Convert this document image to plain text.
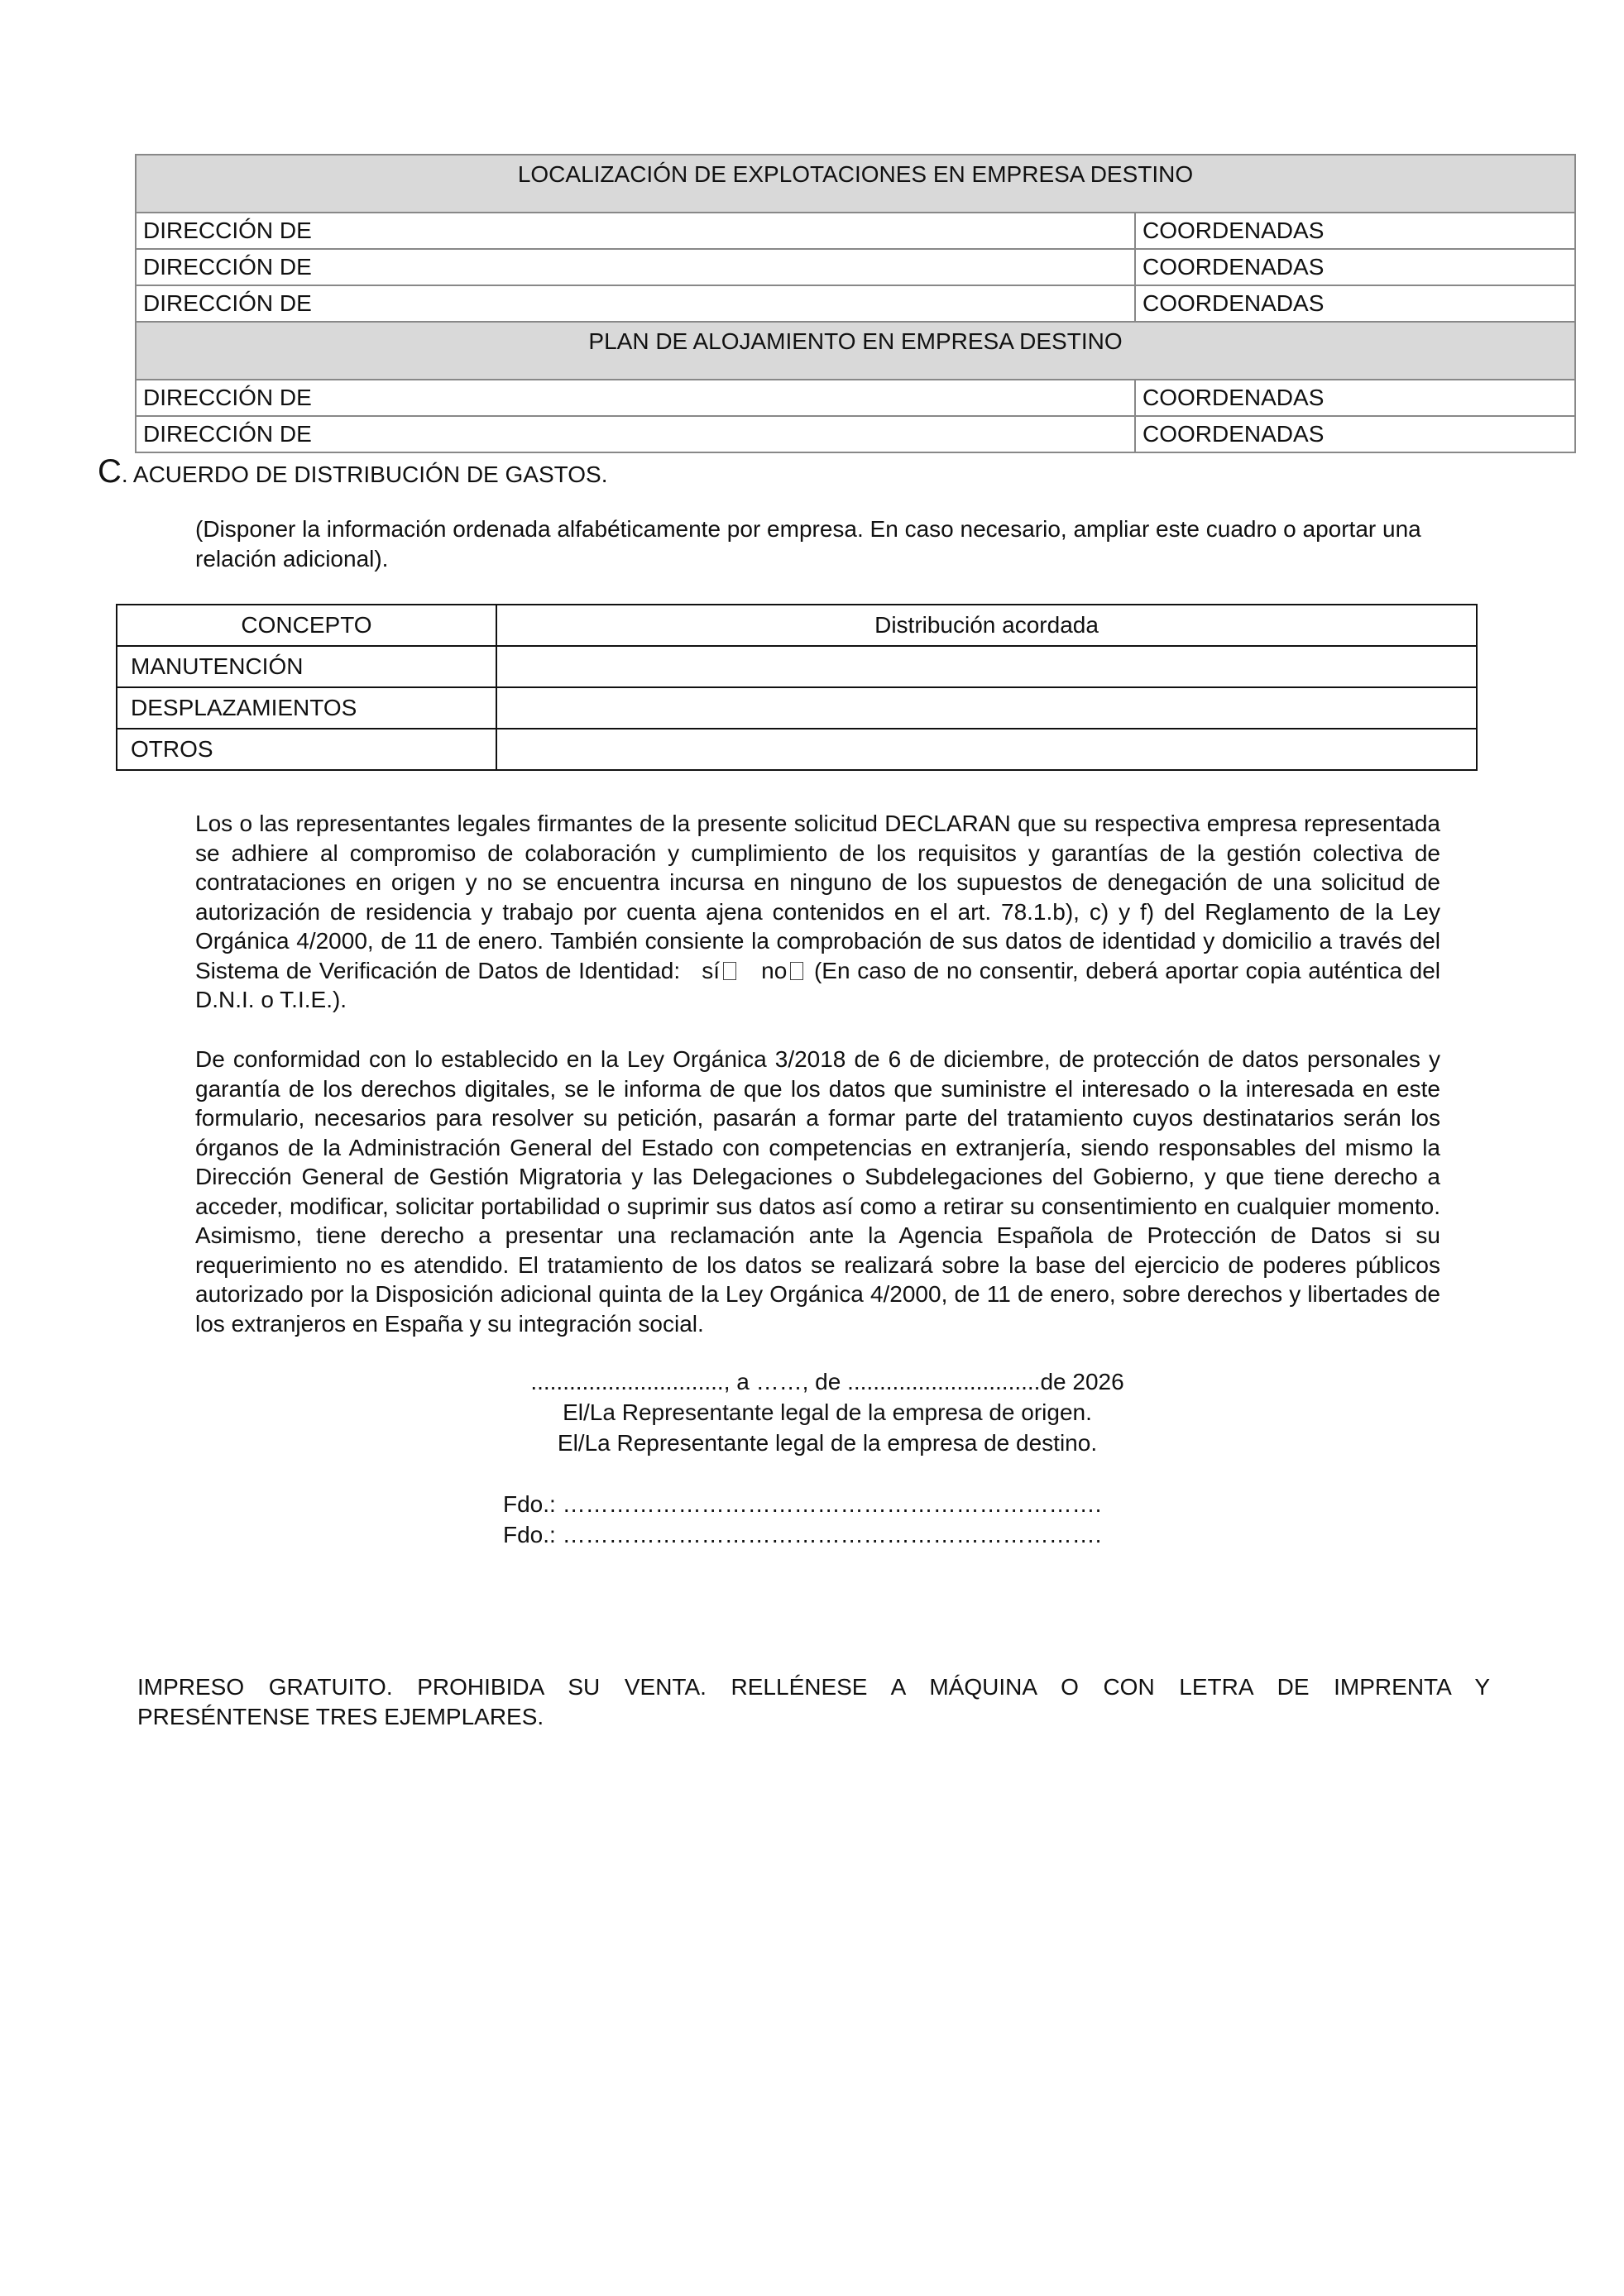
LOCALIZACIÓN DE EXPLOTACIONES EN EMPRESA DESTINO	
DIRECCIÓN DE	COORDENADAS
DIRECCIÓN DE	COORDENADAS
DIRECCIÓN DE	COORDENADAS
PLAN DE ALOJAMIENTO EN EMPRESA DESTINO	
DIRECCIÓN DE	COORDENADAS
DIRECCIÓN DE	COORDENADAS
C. ACUERDO DE DISTRIBUCIÓN DE GASTOS.
(Disponer la información ordenada alfabéticamente por empresa. En caso necesario, ampliar este cuadro o aportar una relación adicional).
CONCEPTO	Distribución acordada
MANUTENCIÓN	
DESPLAZAMIENTOS	
OTROS	
Los o las representantes legales firmantes de la presente solicitud DECLARAN que su respectiva empresa representada se adhiere al compromiso de colaboración y cumplimiento de los requisitos y garantías de la gestión colectiva de contrataciones en origen y no se encuentra incursa en ninguno de los supuestos de denegación de una solicitud de autorización de residencia y trabajo por cuenta ajena contenidos en el art. 78.1.b), c) y f) del Reglamento de la Ley Orgánica 4/2000, de 11 de enero. También consiente la comprobación de sus datos de identidad y domicilio a través del Sistema de Verificación de Datos de Identidad: sí no (En caso de no consentir, deberá aportar copia auténtica del D.N.I. o T.I.E.).
De conformidad con lo establecido en la Ley Orgánica 3/2018 de 6 de diciembre, de protección de datos personales y garantía de los derechos digitales, se le informa de que los datos que suministre el interesado o la interesada en este formulario, necesarios para resolver su petición, pasarán a formar parte del tratamiento cuyos destinatarios serán los órganos de la Administración General del Estado con competencias en extranjería, siendo responsables del mismo la Dirección General de Gestión Migratoria y las Delegaciones o Subdelegaciones del Gobierno, y que tiene derecho a acceder, modificar, solicitar portabilidad o suprimir sus datos así como a retirar su consentimiento en cualquier momento. Asimismo, tiene derecho a presentar una reclamación ante la Agencia Española de Protección de Datos si su requerimiento no es atendido. El tratamiento de los datos se realizará sobre la base del ejercicio de poderes públicos autorizado por la Disposición adicional quinta de la Ley Orgánica 4/2000, de 11 de enero, sobre derechos y libertades de los extranjeros en España y su integración social.
.............................., a ……, de ..............................de 2026
El/La Representante legal de la empresa de origen.
El/La Representante legal de la empresa de destino.
Fdo.: …………………………………………………………….
Fdo.: …………………………………………………………….
IMPRESO GRATUITO. PROHIBIDA SU VENTA. RELLÉNESE A MÁQUINA O CON LETRA DE IMPRENTA Y
PRESÉNTENSE TRES EJEMPLARES.
